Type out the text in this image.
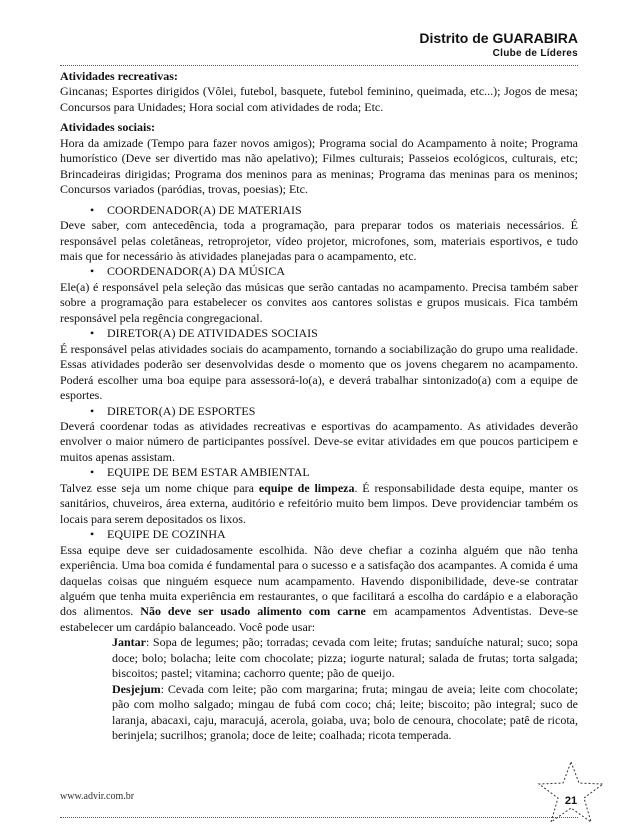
Distrito de GUARABIRA
Clube de Líderes

Atividades recreativas:

Gincanas; Esportes dirigidos (Vôlei, futebol, basquete, futebol feminino, queimada, etc...); Jogos de mesa; Concursos para Unidades; Hora social com atividades de roda; Etc.

Atividades sociais:

Hora da amizade (Tempo para fazer novos amigos); Programa social do Acampamento à noite; Programa humorístico (Deve ser divertido mas não apelativo); Filmes culturais; Passeios ecológicos, culturais, etc; Brincadeiras dirigidas; Programa dos meninos para as meninas; Programa das meninas para os meninos; Concursos variados (paródias, trovas, poesias); Etc.

• COORDENADOR(A) DE MATERIAIS

Deve saber, com antecedência, toda a programação, para preparar todos os materiais necessários. É responsável pelas coletâneas, retroprojetor, vídeo projetor, microfones, som, materiais esportivos, e tudo mais que for necessário às atividades planejadas para o acampamento, etc.

• COORDENADOR(A) DA MÚSICA

Ele(a) é responsável pela seleção das músicas que serão cantadas no acampamento. Precisa também saber sobre a programação para estabelecer os convites aos cantores solistas e grupos musicais. Fica também responsável pela regência congregacional.

• DIRETOR(A) DE ATIVIDADES SOCIAIS

É responsável pelas atividades sociais do acampamento, tornando a sociabilização do grupo uma realidade. Essas atividades poderão ser desenvolvidas desde o momento que os jovens chegarem no acampamento. Poderá escolher uma boa equipe para assessorá-lo(a), e deverá trabalhar sintonizado(a) com a equipe de esportes.

• DIRETOR(A) DE ESPORTES

Deverá coordenar todas as atividades recreativas e esportivas do acampamento. As atividades deverão envolver o maior número de participantes possível. Deve-se evitar atividades em que poucos participem e muitos apenas assistam.

• EQUIPE DE BEM ESTAR AMBIENTAL

Talvez esse seja um nome chique para equipe de limpeza. É responsabilidade desta equipe, manter os sanitários, chuveiros, área externa, auditório e refeitório muito bem limpos. Deve providenciar também os locais para serem depositados os lixos.

• EQUIPE DE COZINHA

Essa equipe deve ser cuidadosamente escolhida. Não deve chefiar a cozinha alguém que não tenha experiência. Uma boa comida é fundamental para o sucesso e a satisfação dos acampantes. A comida é uma daquelas coisas que ninguém esquece num acampamento. Havendo disponibilidade, deve-se contratar alguém que tenha muita experiência em restaurantes, o que facilitará a escolha do cardápio e a elaboração dos alimentos. Não deve ser usado alimento com carne em acampamentos Adventistas. Deve-se estabelecer um cardápio balanceado. Você pode usar:

Jantar: Sopa de legumes; pão; torradas; cevada com leite; frutas; sanduíche natural; suco; sopa doce; bolo; bolacha; leite com chocolate; pizza; iogurte natural; salada de frutas; torta salgada; biscoitos; pastel; vitamina; cachorro quente; pão de queijo.

Desjejum: Cevada com leite; pão com margarina; fruta; mingau de aveia; leite com chocolate; pão com molho salgado; mingau de fubá com coco; chá; leite; biscoito; pão integral; suco de laranja, abacaxi, caju, maracujá, acerola, goiaba, uva; bolo de cenoura, chocolate; patê de ricota, berinjela; sucrilhos; granola; doce de leite; coalhada; ricota temperada.

www.advir.com.br	21
